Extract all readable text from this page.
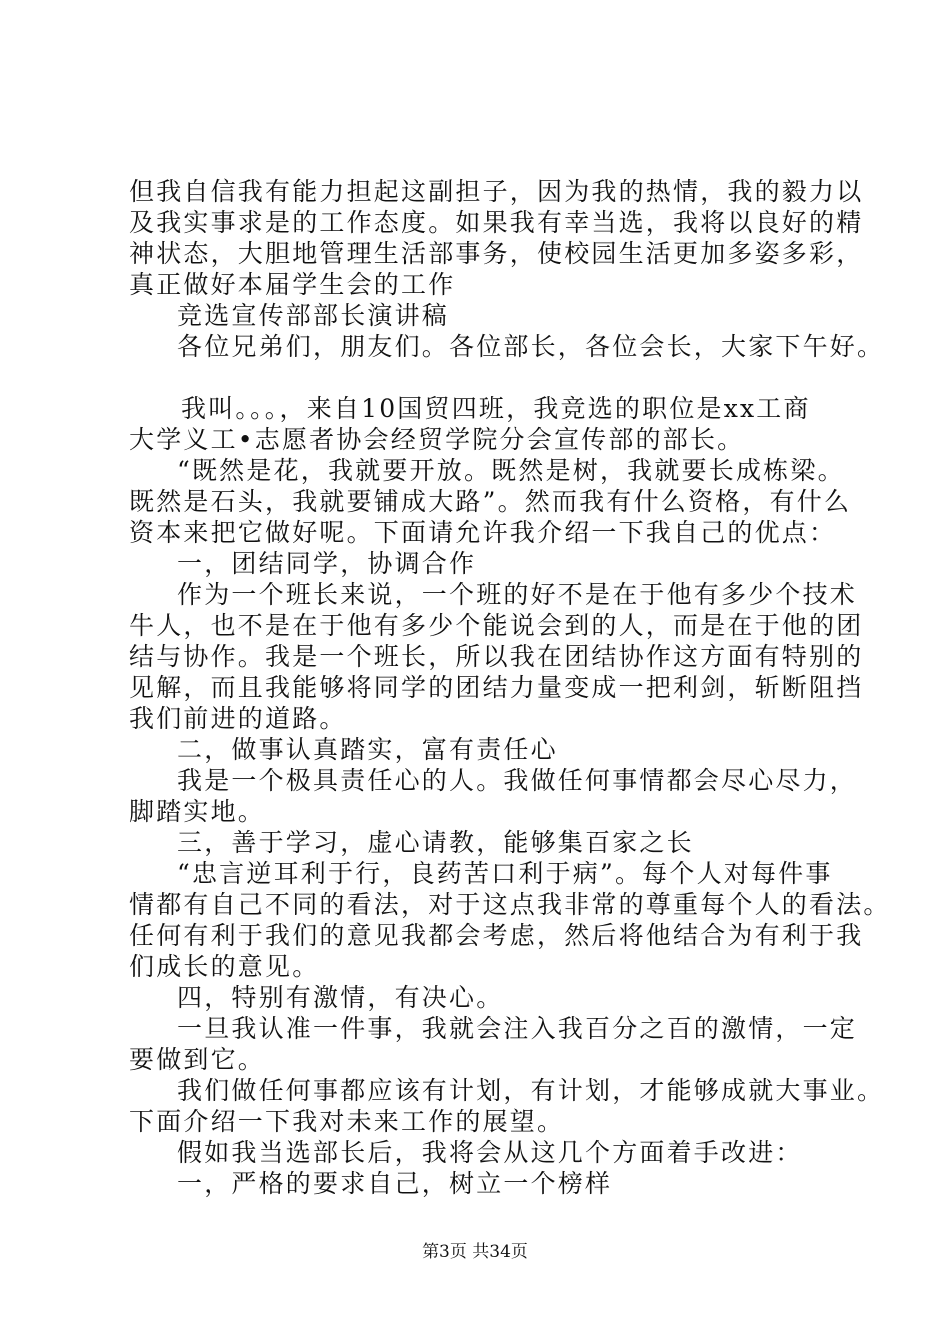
但我自信我有能力担起这副担子，因为我的热情，我的毅力以
及我实事求是的工作态度。如果我有幸当选，我将以良好的精
神状态，大胆地管理生活部事务，使校园生活更加多姿多彩，
真正做好本届学生会的工作
竞选宣传部部长演讲稿
各位兄弟们，朋友们。各位部长，各位会长，大家下午好。
我叫。。。，来自10国贸四班，我竞选的职位是xx工商
大学义工•志愿者协会经贸学院分会宣传部的部长。
“既然是花，我就要开放。既然是树，我就要长成栋梁。
既然是石头，我就要铺成大路”。然而我有什么资格，有什么
资本来把它做好呢。下面请允许我介绍一下我自己的优点：
一，团结同学，协调合作
作为一个班长来说，一个班的好不是在于他有多少个技术
牛人，也不是在于他有多少个能说会到的人，而是在于他的团
结与协作。我是一个班长，所以我在团结协作这方面有特别的
见解，而且我能够将同学的团结力量变成一把利剑，斩断阻挡
我们前进的道路。
二，做事认真踏实，富有责任心
我是一个极具责任心的人。我做任何事情都会尽心尽力，
脚踏实地。
三，善于学习，虚心请教，能够集百家之长
“忠言逆耳利于行，良药苦口利于病”。每个人对每件事
情都有自己不同的看法，对于这点我非常的尊重每个人的看法。
任何有利于我们的意见我都会考虑，然后将他结合为有利于我
们成长的意见。
四，特别有激情，有决心。
一旦我认准一件事，我就会注入我百分之百的激情，一定
要做到它。
我们做任何事都应该有计划，有计划，才能够成就大事业。
下面介绍一下我对未来工作的展望。
假如我当选部长后，我将会从这几个方面着手改进：
一，严格的要求自己，树立一个榜样
第3页 共34页
